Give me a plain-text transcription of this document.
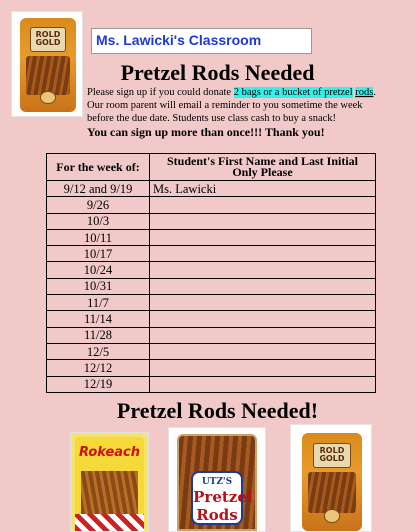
ROLD GOLD	Ms. Lawicki's Classroom
Pretzel Rods Needed

Please sign up if you could donate 2 bags or a bucket of pretzel rods. Our room parent will email a reminder to you sometime the week before the due date. Students use class cash to buy a snack!

You can sign up more than once!!! Thank you!

For the week of:	Student's First Name and Last Initial Only Please
9/12 and 9/19	Ms. Lawicki
9/26	
10/3	
10/11	
10/17	
10/24	
10/31	
11/7	
11/14	
11/28	
12/5	
12/12	
12/19	
Pretzel Rods Needed!
Rokeach
UTZ'S
Pretzel
Rods
ROLD GOLD
